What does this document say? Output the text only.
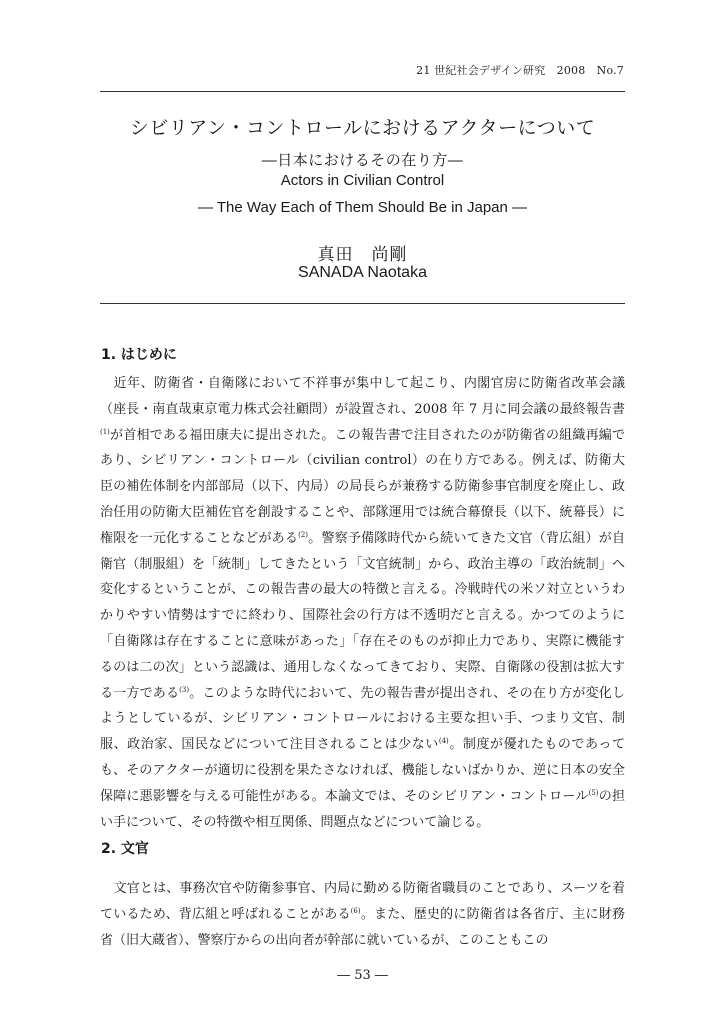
21 世紀社会デザイン研究　2008　No.7
シビリアン・コントロールにおけるアクターについて
―日本におけるその在り方―
Actors in Civilian Control
― The Way Each of Them Should Be in Japan ―
真田　尚剛
SANADA Naotaka
1. はじめに

近年、防衛省・自衛隊において不祥事が集中して起こり、内閣官房に防衛省改革会議（座長・南直哉東京電力株式会社顧問）が設置され、2008 年 7 月に同会議の最終報告書$^{(1)}$が首相である福田康夫に提出された。この報告書で注目されたのが防衛省の組織再編であり、シビリアン・コントロール（civilian control）の在り方である。例えば、防衛大臣の補佐体制を内部部局（以下、内局）の局長らが兼務する防衛参事官制度を廃止し、政治任用の防衛大臣補佐官を創設することや、部隊運用では統合幕僚長（以下、統幕長）に権限を一元化することなどがある$^{(2)}$。警察予備隊時代から続いてきた文官（背広組）が自衛官（制服組）を「統制」してきたという「文官統制」から、政治主導の「政治統制」へ変化するということが、この報告書の最大の特徴と言える。冷戦時代の米ソ対立というわかりやすい情勢はすでに終わり、国際社会の行方は不透明だと言える。かつてのように「自衛隊は存在することに意味があった」「存在そのものが抑止力であり、実際に機能するのは二の次」という認識は、通用しなくなってきており、実際、自衛隊の役割は拡大する一方である$^{(3)}$。このような時代において、先の報告書が提出され、その在り方が変化しようとしているが、シビリアン・コントロールにおける主要な担い手、つまり文官、制服、政治家、国民などについて注目されることは少ない$^{(4)}$。制度が優れたものであっても、そのアクターが適切に役割を果たさなければ、機能しないばかりか、逆に日本の安全保障に悪影響を与える可能性がある。本論文では、そのシビリアン・コントロール$^{(5)}$の担い手について、その特徴や相互関係、問題点などについて論じる。

2. 文官

文官とは、事務次官や防衛参事官、内局に勤める防衛省職員のことであり、スーツを着ているため、背広組と呼ばれることがある$^{(6)}$。また、歴史的に防衛省は各省庁、主に財務省（旧大蔵省）、警察庁からの出向者が幹部に就いているが、このこともこの

― 53 ―
